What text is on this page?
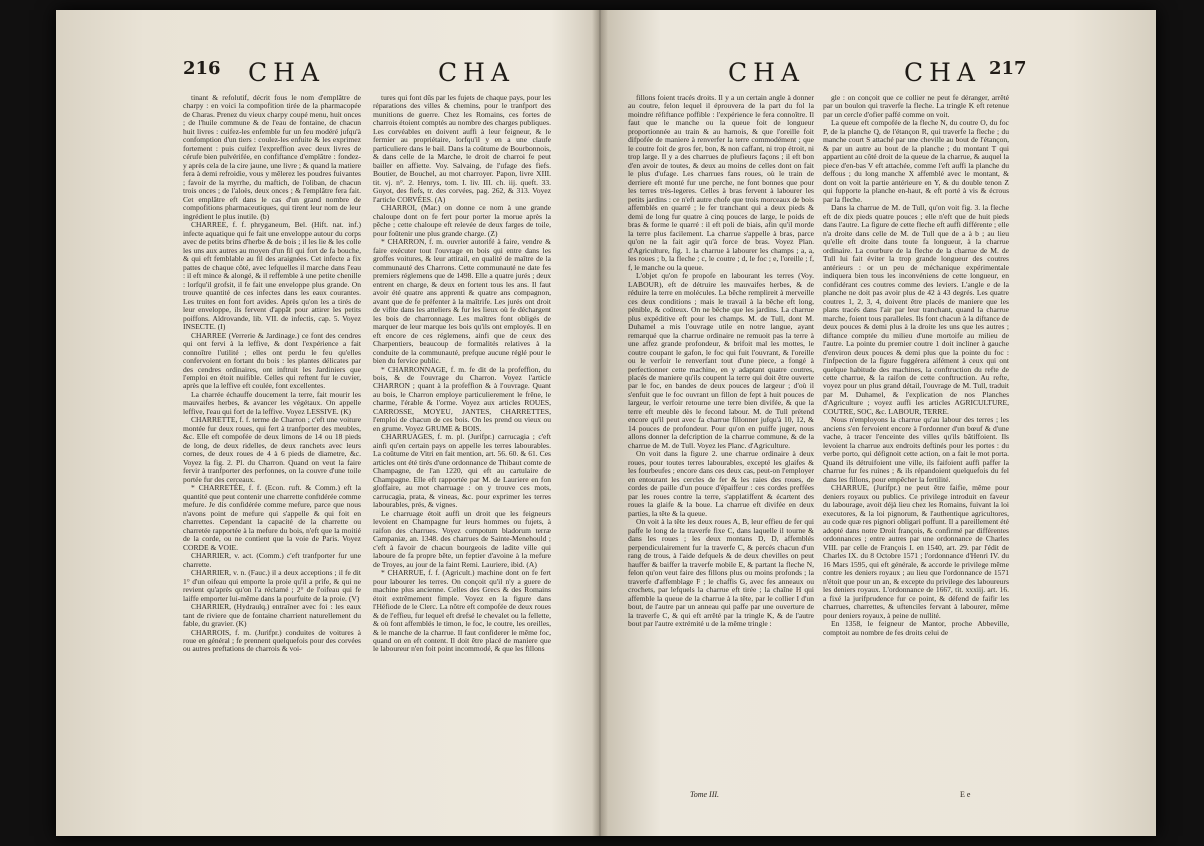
216 CHA	CHA	CHA	CHA 217

tinant & refolutif, décrit fous le nom d'emplâtre de charpy : en voici la compofition tirée de la pharmacopée de Charas. Prenez du vieux charpy coupé menu, huit onces ; de l'huile commune & de l'eau de fontaine, de chacun huit livres : cuifez-les enfemble fur un feu modéré jufqu'à confomption d'un tiers : coulez-les enfuite & les exprimez fortement : puis cuifez l'expreffion avec deux livres de cérufe bien pulvérifée, en confiftance d'emplâtre : fondez-y après cela de la cire jaune, une livre ; & quand la matiere fera à demi refroidie, vous y mêlerez les poudres fuivantes ; favoir de la myrrhe, du maftich, de l'oliban, de chacun trois onces ; de l'aloès, deux onces ; & l'emplâtre fera fait. Cet emplâtre eft dans le cas d'un grand nombre de compofitions pharmaceutiques, qui tirent leur nom de leur ingrédient le plus inutile. (b)

CHARREE, f. f. phryganeum, Bel. (Hift. nat. inf.) infecte aquatique qui fe fait une enveloppe autour du corps avec de petits brins d'herbe & de bois ; il les lie & les colle les uns aux autres au moyen d'un fil qui fort de fa bouche, & qui eft femblable au fil des araignées. Cet infecte a fix pattes de chaque côté, avec lefquelles il marche dans l'eau : il eft mince & alongé, & il reffemble à une petite chenille : lorfqu'il grofsit, il fe fait une enveloppe plus grande. On trouve quantité de ces infectes dans les eaux courantes. Les truites en font fort avides. Après qu'on les a tirés de leur enveloppe, ils fervent d'appât pour attirer les petits poiffons. Aldrovande, lib. VII. de infectis, cap. 5. Voyez INSECTE. (I)

CHARREE (Verrerie & Jardinage.) ce font des cendres qui ont fervi à la leffive, & dont l'expérience a fait connoître l'utilité ; elles ont perdu le feu qu'elles confervoient en fortant du bois : les plantes délicates par des cendres ordinaires, ont inftruit les Jardiniers que l'emploi en étoit nuifible. Celles qui reftent fur le cuvier, après que la leffive eft coulée, font excellentes.

La charrée échauffe doucement la terre, fait mourir les mauvaifes herbes, & avancer les végétaux. On appelle leffive, l'eau qui fort de la leffive. Voyez LESSIVE. (K)

CHARRETTE, f. f. terme de Charron ; c'eft une voiture montée fur deux roues, qui fert à tranfporter des meubles, &c. Elle eft compofée de deux limons de 14 ou 18 pieds de long, de deux ridelles, de deux ranchets avec leurs cornes, de deux roues de 4 à 6 pieds de diametre, &c. Voyez la fig. 2. Pl. du Charron. Quand on veut la faire fervir à tranfporter des perfonnes, on la couvre d'une toile portée fur des cerceaux.

* CHARRETÉE, f. f. (Econ. ruft. & Comm.) eft la quantité que peut contenir une charrette conftdérée comme mefure. Je dis confidérée comme mefure, parce que nous n'avons point de mefure qui s'appelle & qui foit en charrettes. Cependant la capacité de la charrette ou charretée rapportée à la mefure du bois, n'eft que la moitié de la corde, ou ne contient que la voie de Paris. Voyez CORDE & VOIE.

CHARRIER, v. act. (Comm.) c'eft tranfporter fur une charrette.

CHARRIER, v. n. (Fauc.) il a deux acceptions ; il fe dit 1° d'un oifeau qui emporte la proie qu'il a prife, & qui ne revient qu'après qu'on l'a réclamé ; 2° de l'oifeau qui fe laiffe emporter lui-même dans la pourfuite de la proie. (V)

CHARRIER, (Hydraulq.) entraîner avec foi : les eaux tant de riviere que de fontaine charrient naturellement du fable, du gravier. (K)

CHARROIS, f. m. (Jurifpr.) conduites de voitures à roue en général ; fe prennent quelquefois pour des corvées ou autres preftations de charrois & voi-

tures qui font dûs par les fujets de chaque pays, pour les réparations des villes & chemins, pour le tranfport des munitions de guerre. Chez les Romains, ces fortes de charrois étoient comptés au nombre des charges publiques. Les corvéables en doivent auffi à leur feigneur, & le fermier au propriétaire, lorfqu'il y en a une claufe particuliere dans le bail. Dans la coûtume de Bourbonnois, & dans celle de la Marche, le droit de charroi fe peut bailler en affiette. Voy. Salvaing, de l'ufage des fiefs. Boutier, de Bouchel, au mot charroyer. Papon, livre XIII. tit. vj. n°. 2. Henrys, tom. I. liv. III. ch. iij. queft. 33. Guyot, des fiefs, tr. des corvées, pag. 262, & 313. Voyez l'article CORVÉES. (A)

CHARROI, (Mar.) on donne ce nom à une grande chaloupe dont on fe fert pour porter la morue après la pêche ; cette chaloupe eft relevée de deux farges de toile, pour foûtenir une plus grande charge. (Z)

* CHARRON, f. m. ouvrier autorifé à faire, vendre & faire exécuter tout l'ouvrage en bois qui entre dans les groffes voitures, & leur attirail, en qualité de maître de la communauté des Charrons. Cette communauté ne date fes premiers réglemens que de 1498. Elle a quatre jurés ; deux entrent en charge, & deux en fortent tous les ans. Il faut avoir été quatre ans apprenti & quatre ans compagnon, avant que de fe préfenter à la maîtrife. Les jurés ont droit de vifite dans les atteliers & fur les lieux où fe déchargent les bois de charronnage. Les maîtres font obligés de marquer de leur marque les bois qu'ils ont employés. Il en eft encore de ces réglemens, ainfi que de ceux des Charpentiers, beaucoup de formalités relatives à la conduite de la communauté, prefque aucune réglé pour le bien du fervice public.

* CHARRONNAGE, f. m. fe dit de la profeffion, du bois, & de l'ouvrage du Charron. Voyez l'article CHARRON ; quant à la profeffion & à l'ouvrage. Quant au bois, le Charron employe particulierement le frêne, le charme, l'érable & l'orme. Voyez aux articles ROUES, CARROSSE, MOYEU, JANTES, CHARRETTES, l'emploi de chacun de ces bois. On les prend ou vieux ou en grume. Voyez GRUME & BOIS.

CHARRUAGES, f. m. pl. (Jurifpr.) carrucagia ; c'eft ainfi qu'en certain pays on appelle les terres labourables. La coûtume de Vitri en fait mention, art. 56. 60. & 61. Ces articles ont été tirés d'une ordonnance de Thibaut comte de Champagne, de l'an 1220, qui eft au cartulaire de Champagne. Elle eft rapportée par M. de Lauriere en fon gloffaire, au mot charruage : on y trouve ces mots, carrucagia, prata, & vineas, &c. pour exprimer les terres labourables, prés, & vignes.

Le charruage étoit auffi un droit que les feigneurs levoient en Champagne fur leurs hommes ou fujets, à raifon des charrues. Voyez compotum bladorum terræ Campaniæ, an. 1348. des charrues de Sainte-Menehould ; c'eft à favoir de chacun bourgeois de ladite ville qui laboure de fa propre bête, un feptier d'avoine à la mefure de Troyes, au jour de la faint Remi. Lauriere, ibid. (A)

* CHARRUE, f. f. (Agricult.) machine dont on fe fert pour labourer les terres. On conçoit qu'il n'y a guere de machine plus ancienne. Celles des Grecs & des Romains étoit extrêmement fimple. Voyez en la figure dans l'Héfiode de le Clerc. La nôtre eft compofée de deux roues & de l'effieu, fur lequel eft drefsé le chevalet ou la fellette, & où font affemblés le timon, le foc, le coutre, les oreilles, & le manche de la charrue. Il faut confiderer le même foc, quand on en eft content. Il doit être placé de maniere que le laboureur n'en foit point incommodé, & que les fillons

fillons foient tracés droits. Il y a un certain angle à donner au coutre, felon lequel il éprouvera de la part du fol la moindre réfiftance poffible : l'expérience le fera connoître. Il faut que le manche ou la queue foit de longueur proportionnée au train & au harnois, & que l'oreille foit difpofée de maniere à renverfer la terre commodément ; que le coutre foit de gros fer, bon, & non caffant, ni trop étroit, ni trop large. Il y a des charrues de plufieurs façons ; il eft bon d'en avoir de toutes, & deux au moins de celles dont on fait le plus d'ufage. Les charrues fans roues, où le train de derriere eft monté fur une perche, ne font bonnes que pour les terres très-legeres. Celles à bras fervent à labourer les petits jardins : ce n'eft autre chofe que trois morceaux de bois affemblés en quarré ; le fer tranchant qui a deux pieds & demi de long fur quatre à cinq pouces de large, le poids de bras & forme le quarré : il eft poli de biais, afin qu'il morde la terre plus facilement. La charrue s'appelle à bras, parce qu'on ne la fait agir qu'à force de bras. Voyez Plan. d'Agriculture, fig. 1. la charrue à labourer les champs ; a, a, les roues ; b, la fleche ; c, le coutre ; d, le foc ; e, l'oreille ; f, f, le manche ou la queue.

L'objet qu'on fe propofe en labourant les terres (Voy. LABOUR), eft de détruire les mauvaifes herbes, & de réduire la terre en molécules. La bêche remplireit à merveille ces deux conditions ; mais le travail à la bêche eft long, pénible, & coûteux. On ne bêche que les jardins. La charrue plus expéditive eft pour les champs. M. de Tull, dont M. Duhamel a mis l'ouvrage utile en notre langue, ayant remarqué que la charrue ordinaire ne remuoit pas la terre à une affez grande profondeur, & brifoit mal les mottes, le coutre coupant le gafon, le foc qui fuit l'ouvrant, & l'oreille ou le verfoir le renverfant tout d'une piece, a fongé à perfectionner cette machine, en y adaptant quatre coutres, placés de maniere qu'ils coupent la terre qui doit être ouverte par le foc, en bandes de deux pouces de largeur ; d'où il s'enfuit que le foc ouvrant un fillon de fept à huit pouces de largeur, le verfoir retourne une terre bien divifée, & que la terre eft meuble dès le fecond labour. M. de Tull prétend encore qu'il peut avec fa charrue fillonner jufqu'à 10, 12, & 14 pouces de profondeur. Pour qu'on en puiffe juger, nous allons donner la defcription de la charrue commune, & de la charrue de M. de Tull. Voyez les Planc. d'Agriculture.

On voit dans la figure 2. une charrue ordinaire à deux roues, pour toutes terres labourables, excepté les glaifes & les fourbeufes ; encore dans ces deux cas, peut-on l'employer en entourant les cercles de fer & les raies des roues, de cordes de paille d'un pouce d'épaiffeur : ces cordes preffées par les roues contre la terre, s'applatiffent & écartent des roues la glaife & la boue. La charrue eft divifée en deux parties, la tête & la queue.

On voit à la tête les deux roues A, B, leur effieu de fer qui paffe le long de la traverfe fixe C, dans laquelle il tourne & dans les roues ; les deux montans D, D, affemblés perpendiculairement fur la traverfe C, & percés chacun d'un rang de trous, à l'aide defquels & de deux chevilles on peut hauffer & baiffer la traverfe mobile E, & partant la fleche N, felon qu'on veut faire des fillons plus ou moins profonds ; la traverfe d'affemblage F ; le chaffis G, avec fes anneaux ou crochets, par lefquels la charrue eft tirée ; la chaîne H qui affemble la queue de la charrue à la tête, par le collier I d'un bout, de l'autre par un anneau qui paffe par une ouverture de la traverfe C, & qui eft arrêté par la tringle K, & de l'autre bout par l'autre extrémité u de la même tringle :

gle : on conçoit que ce collier ne peut fe déranger, arrêté par un boulon qui traverfe la fleche. La tringle K eft retenue par un cercle d'ofier paffé comme on voit.

La queue eft compofée de la fleche N, du coutre O, du foc P, de la planche Q, de l'étançon R, qui traverfe la fleche ; du manche court S attaché par une cheville au bout de l'étançon, & par un autre au bout de la planche ; du montant T qui appartient au côté droit de la queue de la charrue, & auquel la piece d'en-bas V eft attachée, comme l'eft auffi la planche du deffous ; du long manche X affemblé avec le montant, & dont on voit la partie antérieure en Y, & du double tenon Z qui fupporte la planche en-haut, & eft porté à vis & écrous par la fleche.

Dans la charrue de M. de Tull, qu'on voit fig. 3. la fleche eft de dix pieds quatre pouces ; elle n'eft que de huit pieds dans l'autre. La figure de cette fleche eft auffi différente ; elle n'a droite dans celle de M. de Tull que de a à b ; au lieu qu'elle eft droite dans toute fa longueur, à la charrue ordinaire. La courbure de la fleche de la charrue de M. de Tull lui fait éviter la trop grande longueur des coutres antérieurs : or un peu de méchanique expérimentale indiquera bien tous les inconvéniens de cette longueur, en confidérant ces coutres comme des leviers. L'angle e de la planche ne doit pas avoir plus de 42 à 43 degrés. Les quatre coutres 1, 2, 3, 4, doivent être placés de maniere que les plans tracés dans l'air par leur tranchant, quand la charrue marche, foient tous paralleles. Ils font chacun à la diftance de deux pouces & demi plus à la droite les uns que les autres ; diftance comptée du milieu d'une mortoife au milieu de l'autre. La pointe du premier coutre 1 doit incliner à gauche d'environ deux pouces & demi plus que la pointe du foc : l'infpection de la figure fuggérera aifément à ceux qui ont quelque habitude des machines, la conftruction du refte de cette charrue, & la raifon de cette conftruction. Au refte, voyez pour un plus grand détail, l'ouvrage de M. Tull, traduit par M. Duhamel, & l'explication de nos Planches d'Agriculture ; voyez auffi les articles AGRICULTURE, COUTRE, SOC, &c. LABOUR, TERRE.

Nous n'employons la charrue qu'au labour des terres ; les anciens s'en fervoient encore à l'ordonner d'un bœuf & d'une vache, à tracer l'enceinte des villes qu'ils bâtiffoient. Ils levoient la charrue aux endroits deftinés pour les portes : du verbe porto, qui défignoit cette action, on a fait le mot porta. Quand ils détruifoient une ville, ils faifoient auffi paffer la charrue fur fes ruines ; & ils répandoient quelquefois du fel dans les fillons, pour empêcher la fertilité.

CHARRUE, (Jurifpr.) ne peut être faifie, même pour deniers royaux ou publics. Ce privilege introduit en faveur du labourage, avoit déjà lieu chez les Romains, fuivant la loi executores, & la loi pignorum, & l'authentique agricultores, au code quæ res pignori obligari poffunt. Il a pareillement été adopté dans notre Droit françois, & confirmé par différentes ordonnances ; entre autres par une ordonnance de Charles VIII. par celle de François I. en 1540, art. 29. par l'édit de Charles IX. du 8 Octobre 1571 ; l'ordonnance d'Henri IV. du 16 Mars 1595, qui eft générale, & accorde le privilege même contre les deniers royaux ; au lieu que l'ordonnance de 1571 n'étoit que pour un an, & excepte du privilege des laboureurs les deniers royaux. L'ordonnance de 1667, tit. xxxiij. art. 16. a fixé la jurifprudence fur ce point, & défend de faifir les charrues, charrettes, & uftenciles fervant à labourer, même pour deniers royaux, à peine de nullité.

En 1358, le feigneur de Mantor, proche Abbeville, comptoit au nombre de fes droits celui de

Tome III.	E e
